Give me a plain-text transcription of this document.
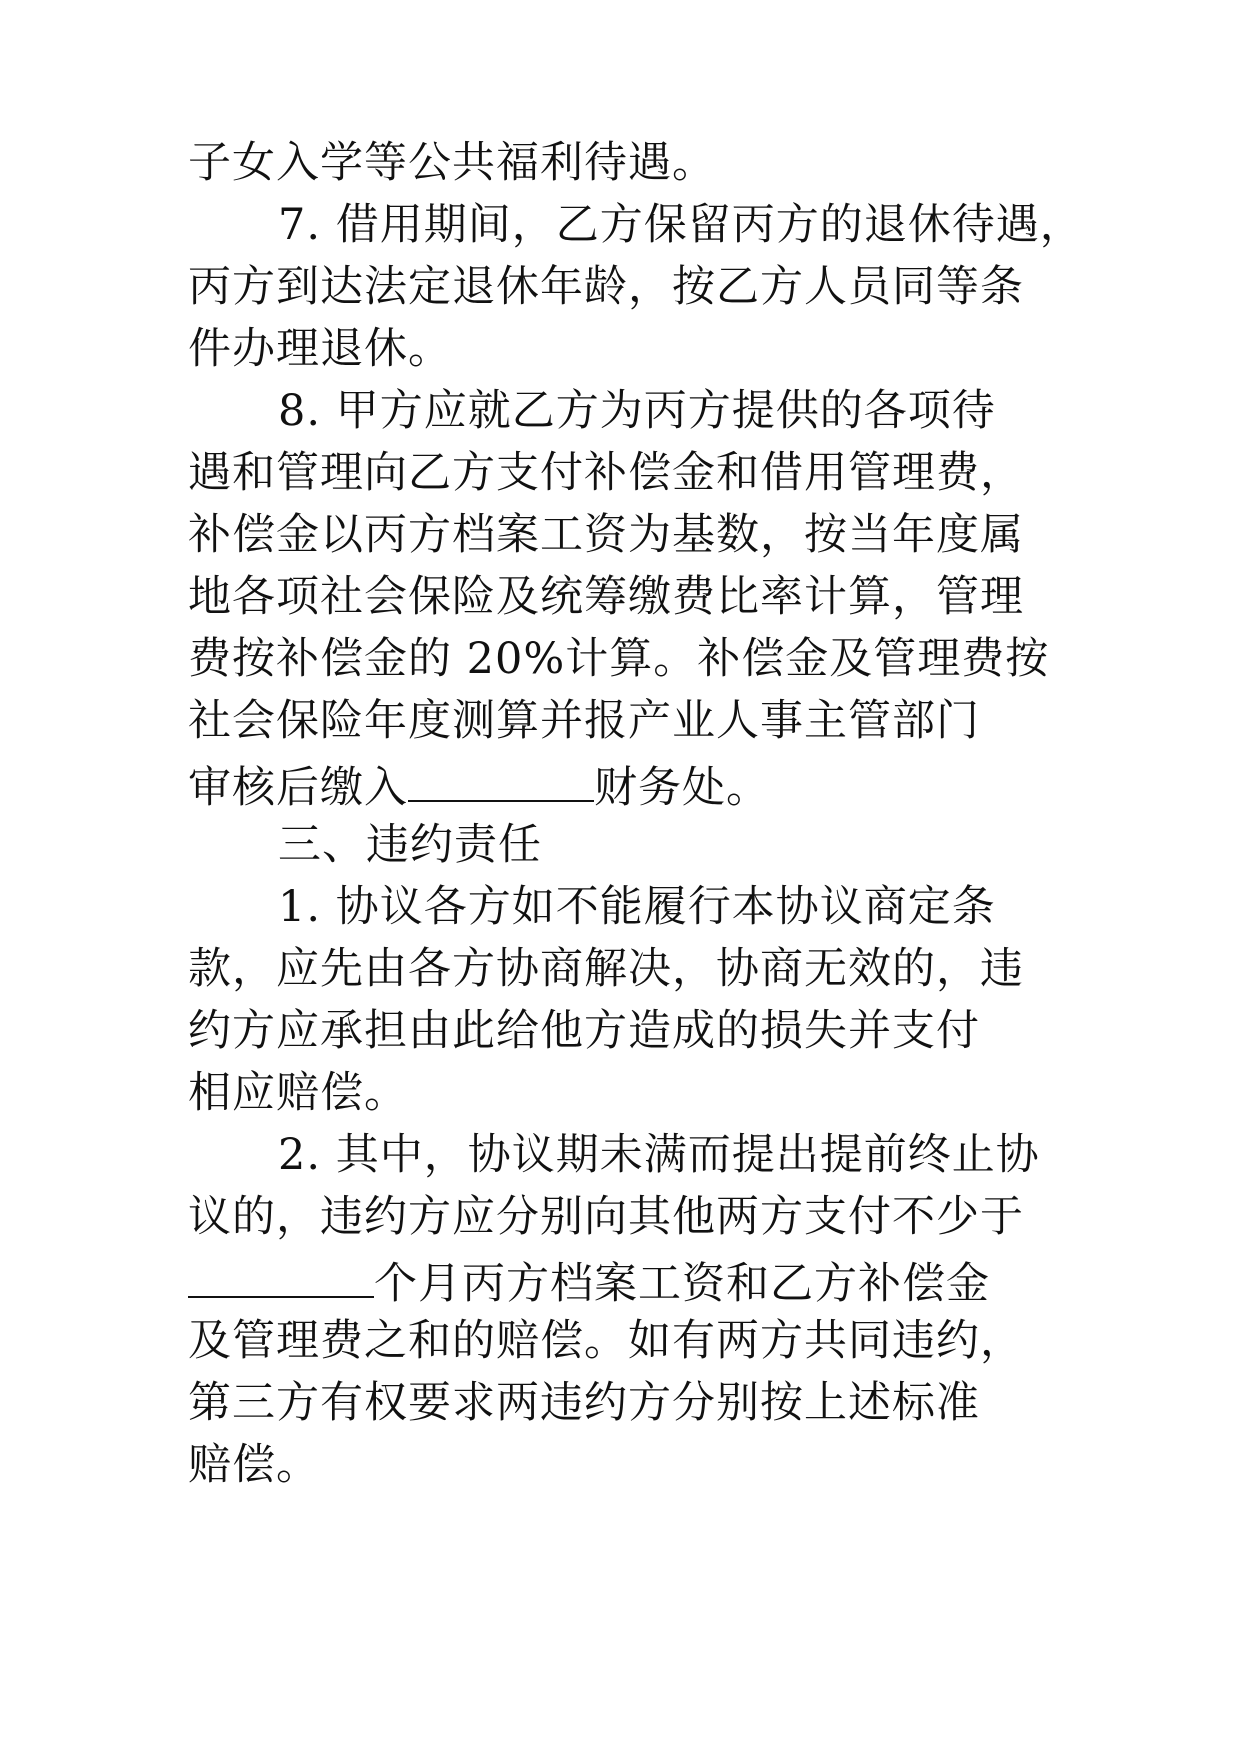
子女入学等公共福利待遇。
7. 借用期间，乙方保留丙方的退休待遇，
丙方到达法定退休年龄，按乙方人员同等条
件办理退休。
8. 甲方应就乙方为丙方提供的各项待
遇和管理向乙方支付补偿金和借用管理费，
补偿金以丙方档案工资为基数，按当年度属
地各项社会保险及统筹缴费比率计算，管理
费按补偿金的 20%计算。补偿金及管理费按
社会保险年度测算并报产业人事主管部门
审核后缴入	财务处。
三、违约责任
1. 协议各方如不能履行本协议商定条
款，应先由各方协商解决，协商无效的，违
约方应承担由此给他方造成的损失并支付
相应赔偿。
2. 其中，协议期未满而提出提前终止协
议的，违约方应分别向其他两方支付不少于
个月丙方档案工资和乙方补偿金
及管理费之和的赔偿。如有两方共同违约，
第三方有权要求两违约方分别按上述标准
赔偿。
